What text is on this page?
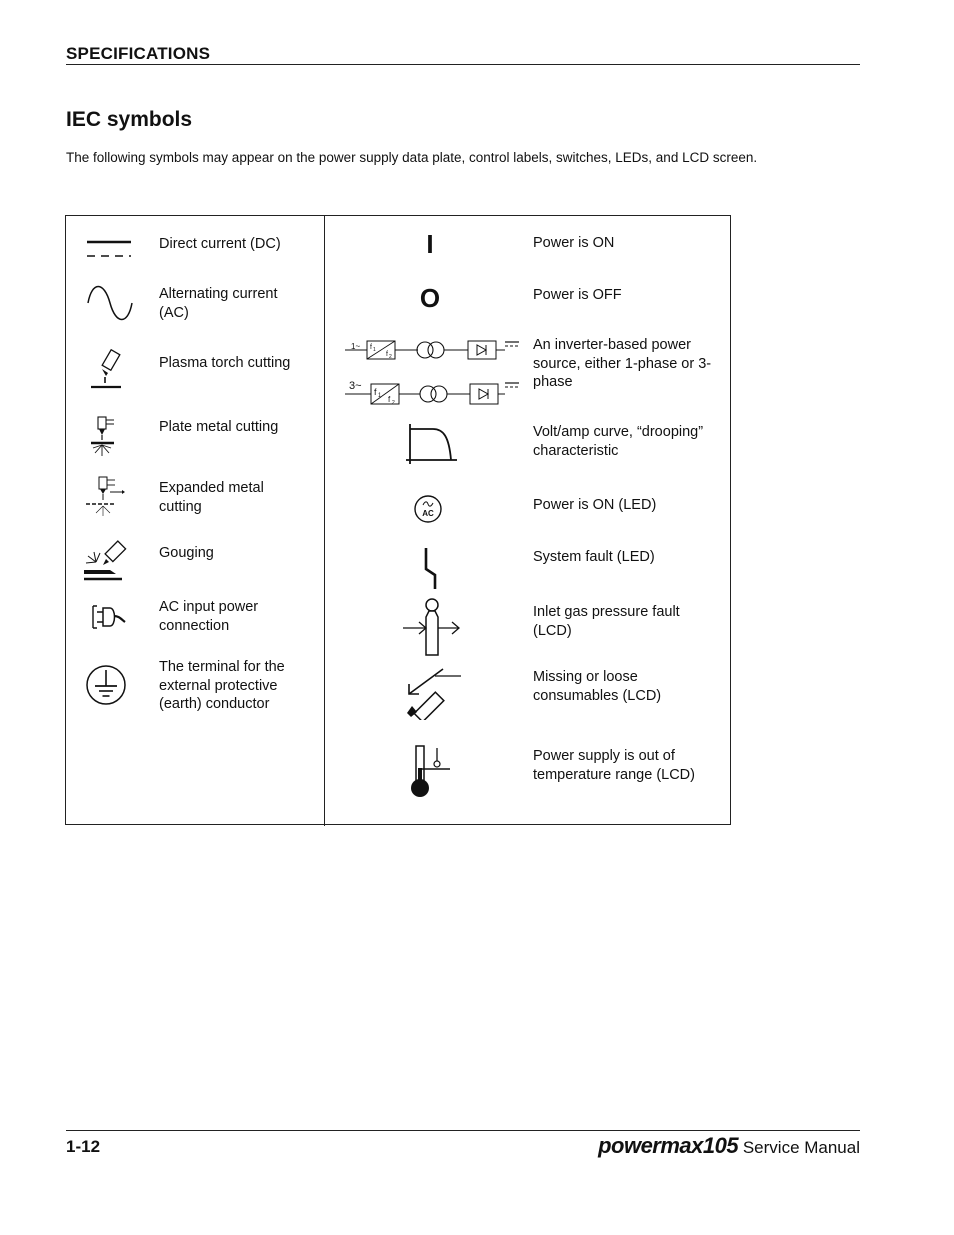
SPECIFICATIONS
IEC symbols
The following symbols may appear on the power supply data plate, control labels, switches, LEDs, and LCD screen.
Direct current (DC)
Alternating current (AC)
Plasma torch cutting
Plate metal cutting
Expanded metal cutting
Gouging
AC input power connection
The terminal for the external protective (earth) conductor
I	Power is ON
O	Power is OFF
1~ f 1
f 2
3~ f 1 f 2
An inverter-based power source, either 1-phase or 3-phase
Volt/amp curve, “drooping” characteristic
AC
Power is ON (LED)
System fault (LED)
Inlet gas pressure fault (LCD)
Missing or loose consumables (LCD)
Power supply is out of temperature range (LCD)
1-12	powermax105 Service Manual
